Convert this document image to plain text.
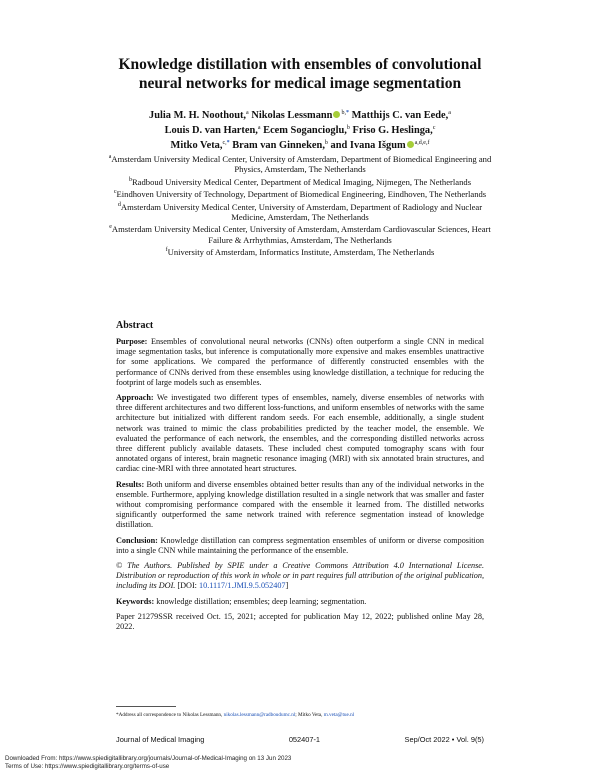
Knowledge distillation with ensembles of convolutional
neural networks for medical image segmentation
Julia M. H. Noothout,$^a$ Nikolas Lessmann $^{b,*}$ Matthijs C. van Eede,$^a$
Louis D. van Harten,$^a$ Ecem Sogancioglu,$^b$ Friso G. Heslinga,$^c$
Mitko Veta,$^{c,*}$ Bram van Ginneken,$^b$ and Ivana Išgum $^{a,d,e,f}$

$^a$Amsterdam University Medical Center, University of Amsterdam, Department of Biomedical Engineering and Physics, Amsterdam, The Netherlands

$^b$Radboud University Medical Center, Department of Medical Imaging, Nijmegen, The Netherlands

$^c$Eindhoven University of Technology, Department of Biomedical Engineering, Eindhoven, The Netherlands

$^d$Amsterdam University Medical Center, University of Amsterdam, Department of Radiology and Nuclear Medicine, Amsterdam, The Netherlands

$^e$Amsterdam University Medical Center, University of Amsterdam, Amsterdam Cardiovascular Sciences, Heart Failure & Arrhythmias, Amsterdam, The Netherlands

$^f$University of Amsterdam, Informatics Institute, Amsterdam, The Netherlands

Abstract

Purpose: Ensembles of convolutional neural networks (CNNs) often outperform a single CNN in medical image segmentation tasks, but inference is computationally more expensive and makes ensembles unattractive for some applications. We compared the performance of differently constructed ensembles with the performance of CNNs derived from these ensembles using knowledge distillation, a technique for reducing the footprint of large models such as ensembles.

Approach: We investigated two different types of ensembles, namely, diverse ensembles of networks with three different architectures and two different loss-functions, and uniform ensembles of networks with the same architecture but initialized with different random seeds. For each ensemble, additionally, a single student network was trained to mimic the class probabilities predicted by the teacher model, the ensemble. We evaluated the performance of each network, the ensembles, and the corresponding distilled networks across three different publicly available datasets. These included chest computed tomography scans with four annotated organs of interest, brain magnetic resonance imaging (MRI) with six annotated brain structures, and cardiac cine-MRI with three annotated heart structures.

Results: Both uniform and diverse ensembles obtained better results than any of the individual networks in the ensemble. Furthermore, applying knowledge distillation resulted in a single network that was smaller and faster without compromising performance compared with the ensemble it learned from. The distilled networks significantly outperformed the same network trained with reference segmentation instead of knowledge distillation.

Conclusion: Knowledge distillation can compress segmentation ensembles of uniform or diverse composition into a single CNN while maintaining the performance of the ensemble.

© The Authors. Published by SPIE under a Creative Commons Attribution 4.0 International License. Distribution or reproduction of this work in whole or in part requires full attribution of the original publication, including its DOI. [DOI: 10.1117/1.JMI.9.5.052407]

Keywords: knowledge distillation; ensembles; deep learning; segmentation.

Paper 21279SSR received Oct. 15, 2021; accepted for publication May 12, 2022; published online May 28, 2022.

*Address all correspondence to Nikolas Lessmann, nikolas.lessmann@radboudumc.nl; Mitko Veta, m.veta@tue.nl
Journal of Medical Imaging	052407-1	Sep/Oct 2022 • Vol. 9(5)
Downloaded From: https://www.spiedigitallibrary.org/journals/Journal-of-Medical-Imaging on 13 Jun 2023
Terms of Use: https://www.spiedigitallibrary.org/terms-of-use
